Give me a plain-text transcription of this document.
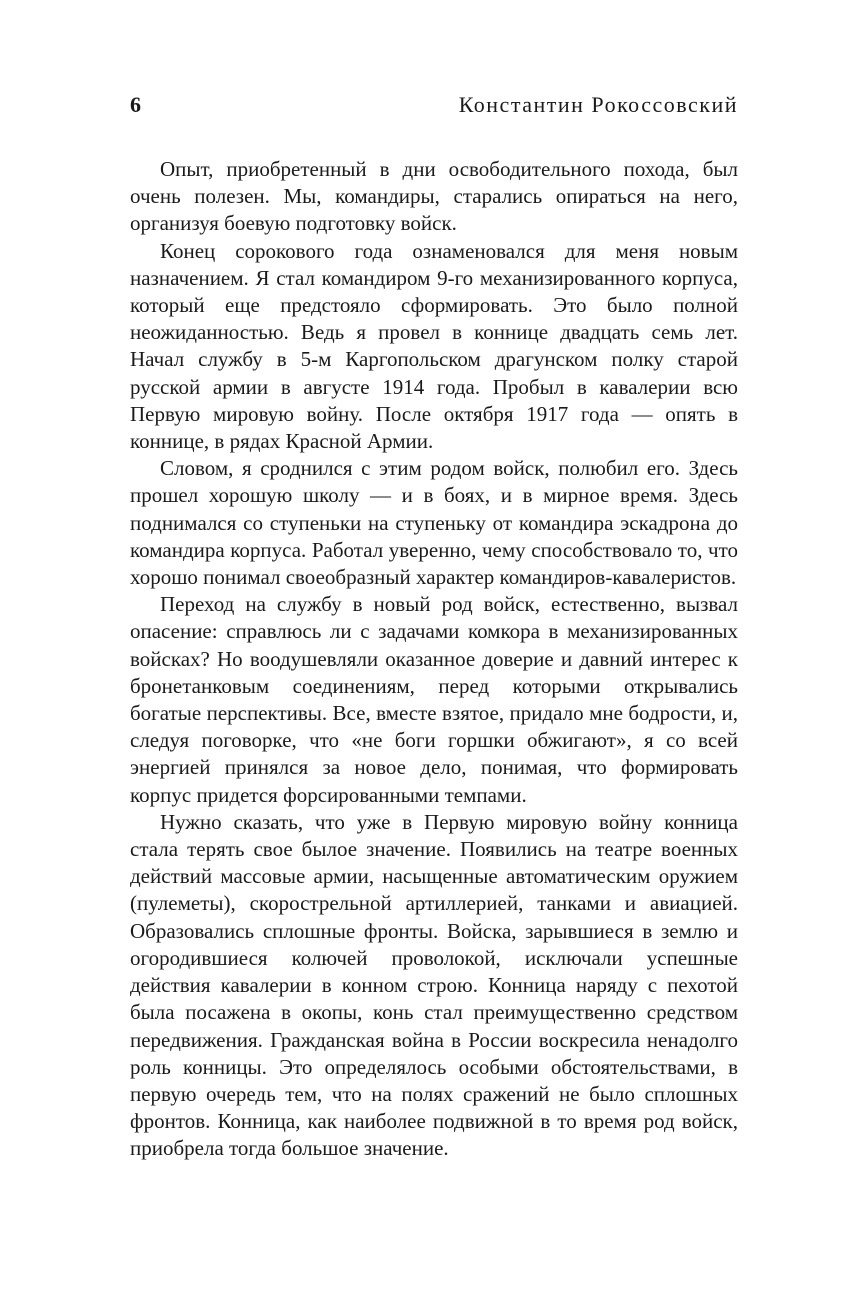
6	Константин Рокоссовский

Опыт, приобретенный в дни освободительного похода, был очень полезен. Мы, командиры, старались опираться на него, организуя боевую подготовку войск.

Конец сорокового года ознаменовался для меня новым назначением. Я стал командиром 9-го механизированного корпуса, который еще предстояло сформировать. Это было полной неожиданностью. Ведь я провел в коннице двадцать семь лет. Начал службу в 5-м Каргопольском драгунском полку старой русской армии в августе 1914 года. Пробыл в кавалерии всю Первую мировую войну. После октября 1917 года — опять в коннице, в рядах Красной Армии.

Словом, я сроднился с этим родом войск, полюбил его. Здесь прошел хорошую школу — и в боях, и в мирное время. Здесь поднимался со ступеньки на ступеньку от командира эскадрона до командира корпуса. Работал уверенно, чему способствовало то, что хорошо понимал своеобразный характер командиров-кавалеристов.

Переход на службу в новый род войск, естественно, вызвал опасение: справлюсь ли с задачами комкора в механизированных войсках? Но воодушевляли оказанное доверие и давний интерес к бронетанковым соединениям, перед которыми открывались богатые перспективы. Все, вместе взятое, придало мне бодрости, и, следуя поговорке, что «не боги горшки обжигают», я со всей энергией принялся за новое дело, понимая, что формировать корпус придется форсированными темпами.

Нужно сказать, что уже в Первую мировую войну конница стала терять свое былое значение. Появились на театре военных действий массовые армии, насыщенные автоматическим оружием (пулеметы), скорострельной артиллерией, танками и авиацией. Образовались сплошные фронты. Войска, зарывшиеся в землю и огородившиеся колючей проволокой, исключали успешные действия кавалерии в конном строю. Конница наряду с пехотой была посажена в окопы, конь стал преимущественно средством передвижения. Гражданская война в России воскресила ненадолго роль конницы. Это определялось особыми обстоятельствами, в первую очередь тем, что на полях сражений не было сплошных фронтов. Конница, как наиболее подвижной в то время род войск, приобрела тогда большое значение.
